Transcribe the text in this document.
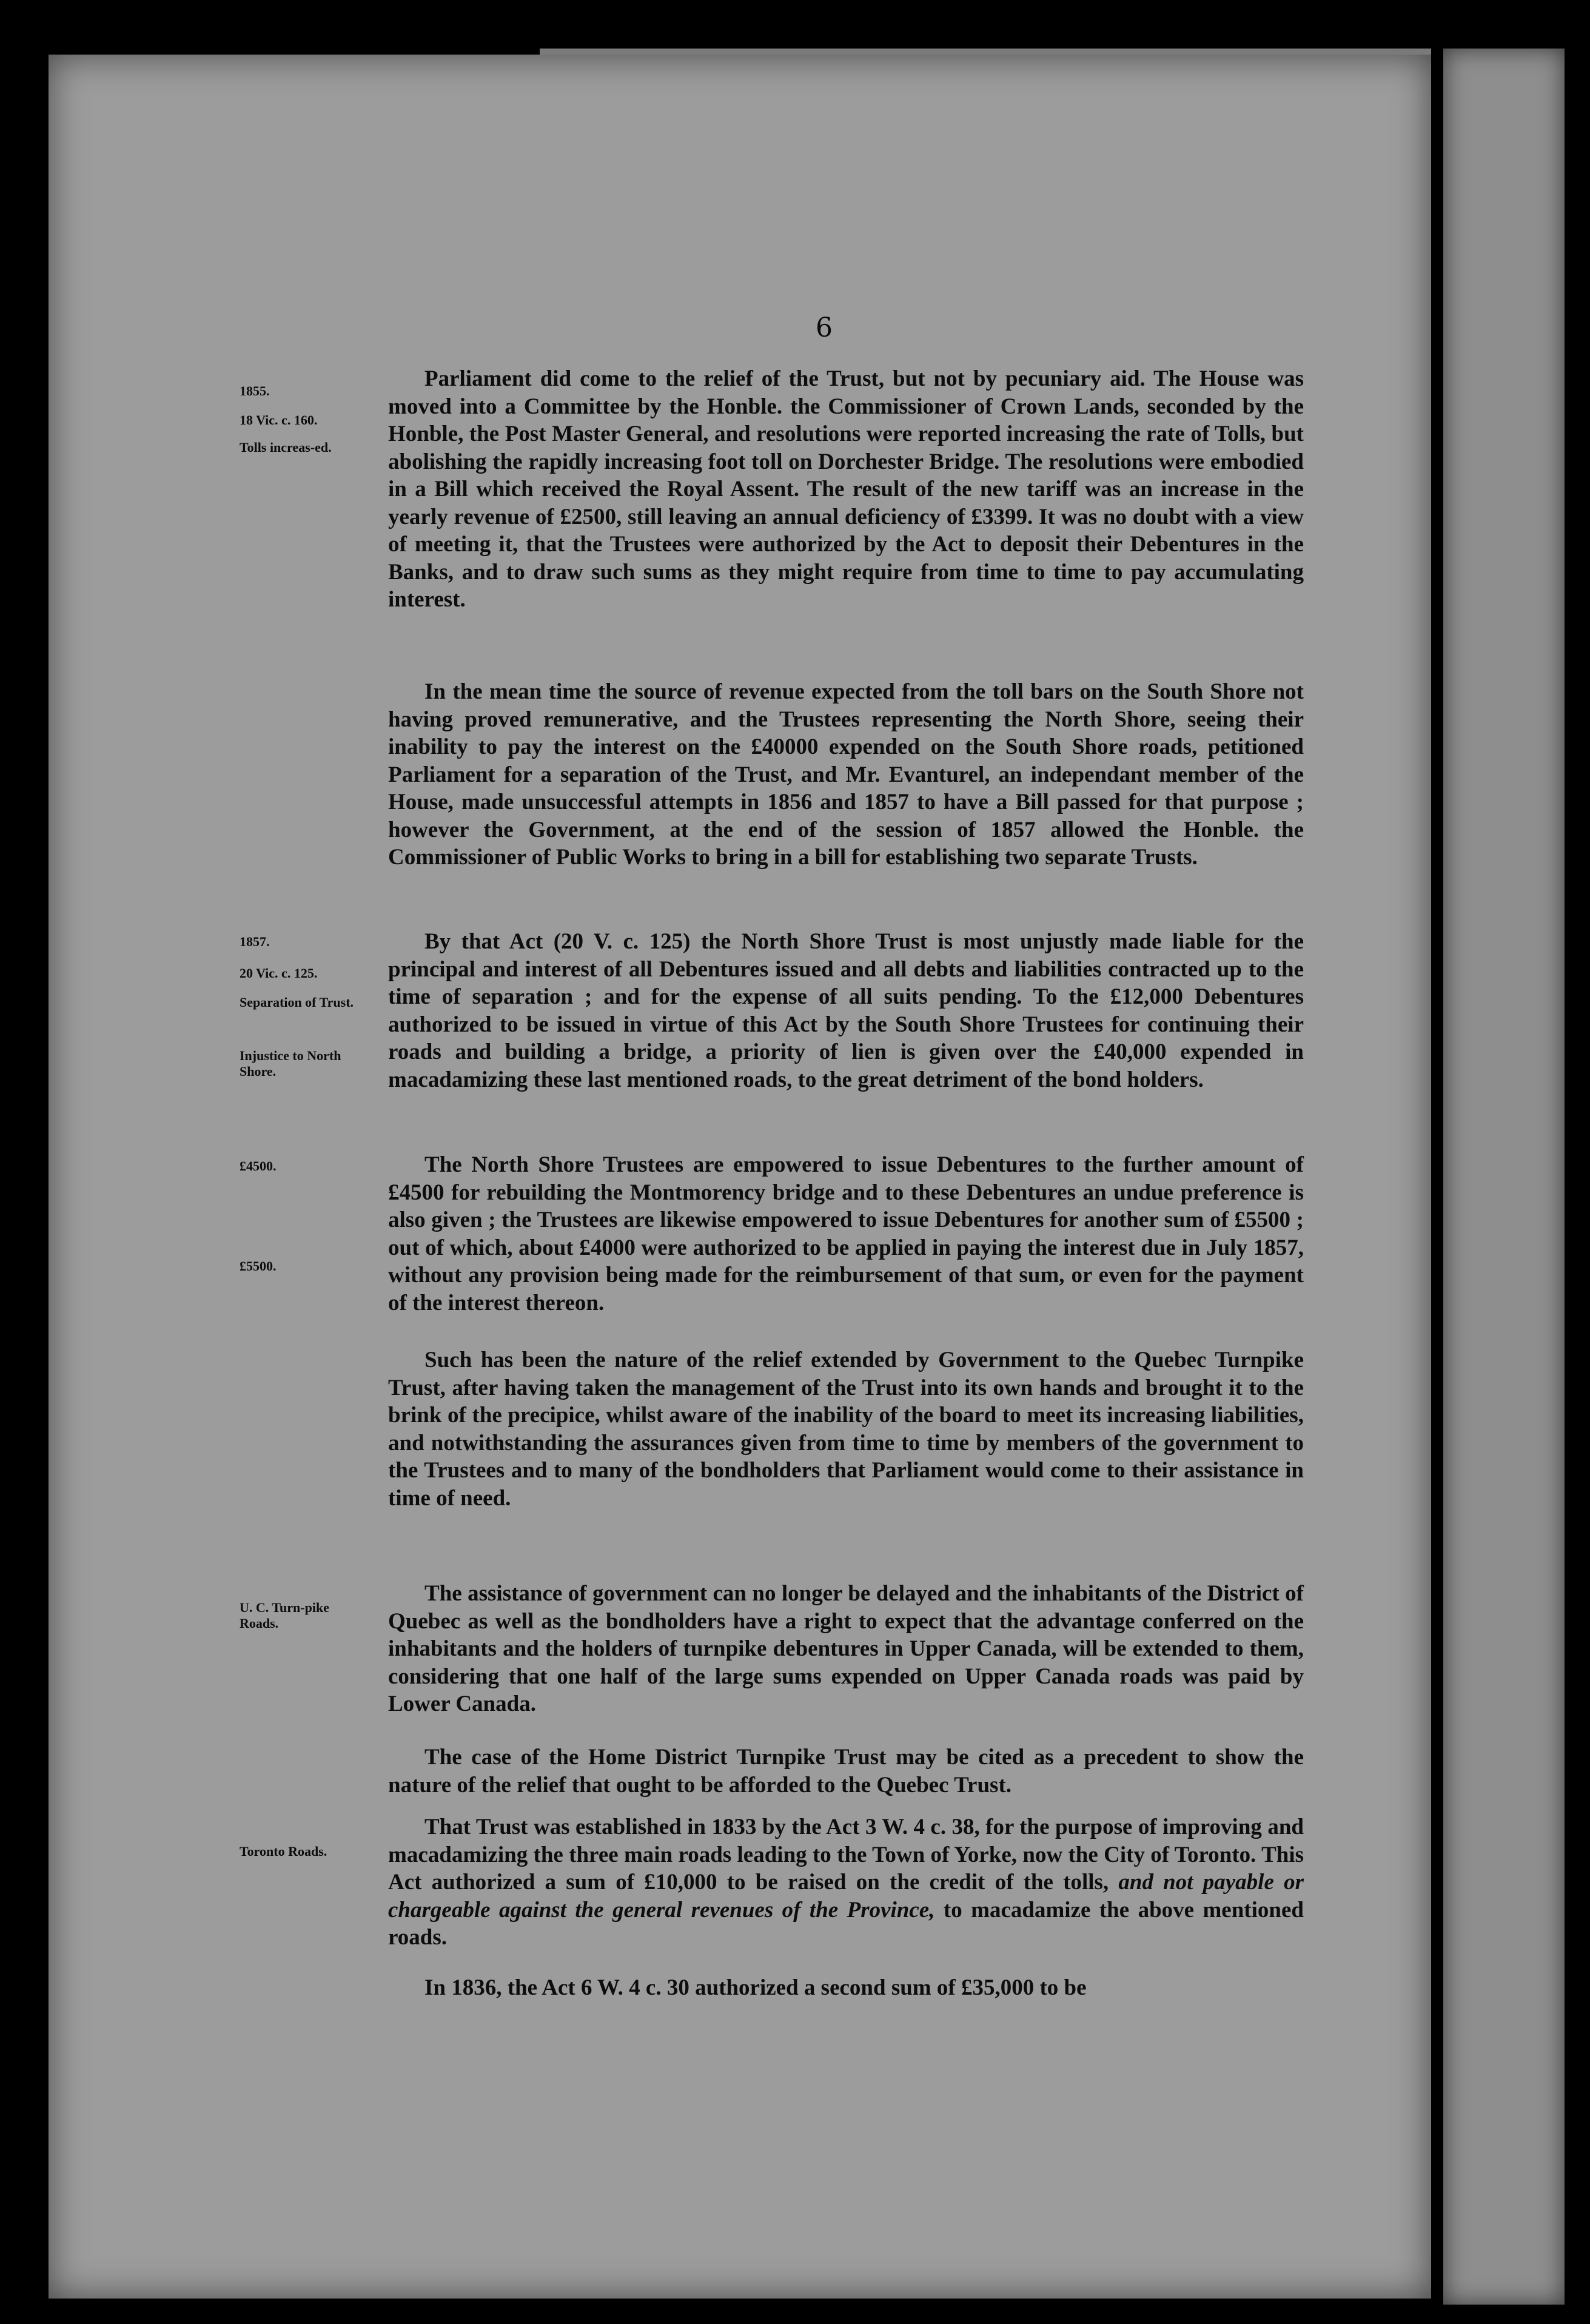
6
1855.
18 Vic. c. 160.
Tolls increas-ed.
1857.
20 Vic. c. 125.
Separation of Trust.
Injustice to North Shore.
£4500.
£5500.
U. C. Turn-pike Roads.
Toronto Roads.

Parliament did come to the relief of the Trust, but not by pecuniary aid. The House was moved into a Committee by the Honble. the Commissioner of Crown Lands, seconded by the Honble, the Post Master General, and resolutions were reported increasing the rate of Tolls, but abolishing the rapidly increasing foot toll on Dorchester Bridge. The resolutions were embodied in a Bill which received the Royal Assent. The result of the new tariff was an increase in the yearly revenue of £2500, still leaving an annual deficiency of £3399. It was no doubt with a view of meeting it, that the Trustees were authorized by the Act to deposit their Debentures in the Banks, and to draw such sums as they might require from time to time to pay accumulating interest.

In the mean time the source of revenue expected from the toll bars on the South Shore not having proved remunerative, and the Trustees representing the North Shore, seeing their inability to pay the interest on the £40000 expended on the South Shore roads, petitioned Parliament for a separation of the Trust, and Mr. Evanturel, an independant member of the House, made unsuccessful attempts in 1856 and 1857 to have a Bill passed for that purpose ; however the Government, at the end of the session of 1857 allowed the Honble. the Commissioner of Public Works to bring in a bill for establishing two separate Trusts.

By that Act (20 V. c. 125) the North Shore Trust is most unjustly made liable for the principal and interest of all Debentures issued and all debts and liabilities contracted up to the time of separation ; and for the expense of all suits pending. To the £12,000 Debentures authorized to be issued in virtue of this Act by the South Shore Trustees for continuing their roads and building a bridge, a priority of lien is given over the £40,000 expended in macadamizing these last mentioned roads, to the great detriment of the bond holders.

The North Shore Trustees are empowered to issue Debentures to the further amount of £4500 for rebuilding the Montmorency bridge and to these Debentures an undue preference is also given ; the Trustees are likewise empowered to issue Debentures for another sum of £5500 ; out of which, about £4000 were authorized to be applied in paying the interest due in July 1857, without any provision being made for the reimbursement of that sum, or even for the payment of the interest thereon.

Such has been the nature of the relief extended by Government to the Quebec Turnpike Trust, after having taken the management of the Trust into its own hands and brought it to the brink of the precipice, whilst aware of the inability of the board to meet its increasing liabilities, and notwithstanding the assurances given from time to time by members of the government to the Trustees and to many of the bondholders that Parliament would come to their assistance in time of need.

The assistance of government can no longer be delayed and the inhabitants of the District of Quebec as well as the bondholders have a right to expect that the advantage conferred on the inhabitants and the holders of turnpike debentures in Upper Canada, will be extended to them, considering that one half of the large sums expended on Upper Canada roads was paid by Lower Canada.

The case of the Home District Turnpike Trust may be cited as a precedent to show the nature of the relief that ought to be afforded to the Quebec Trust.

That Trust was established in 1833 by the Act 3 W. 4 c. 38, for the purpose of improving and macadamizing the three main roads leading to the Town of Yorke, now the City of Toronto. This Act authorized a sum of £10,000 to be raised on the credit of the tolls, and not payable or chargeable against the general revenues of the Province, to macadamize the above mentioned roads.

In 1836, the Act 6 W. 4 c. 30 authorized a second sum of £35,000 to be
